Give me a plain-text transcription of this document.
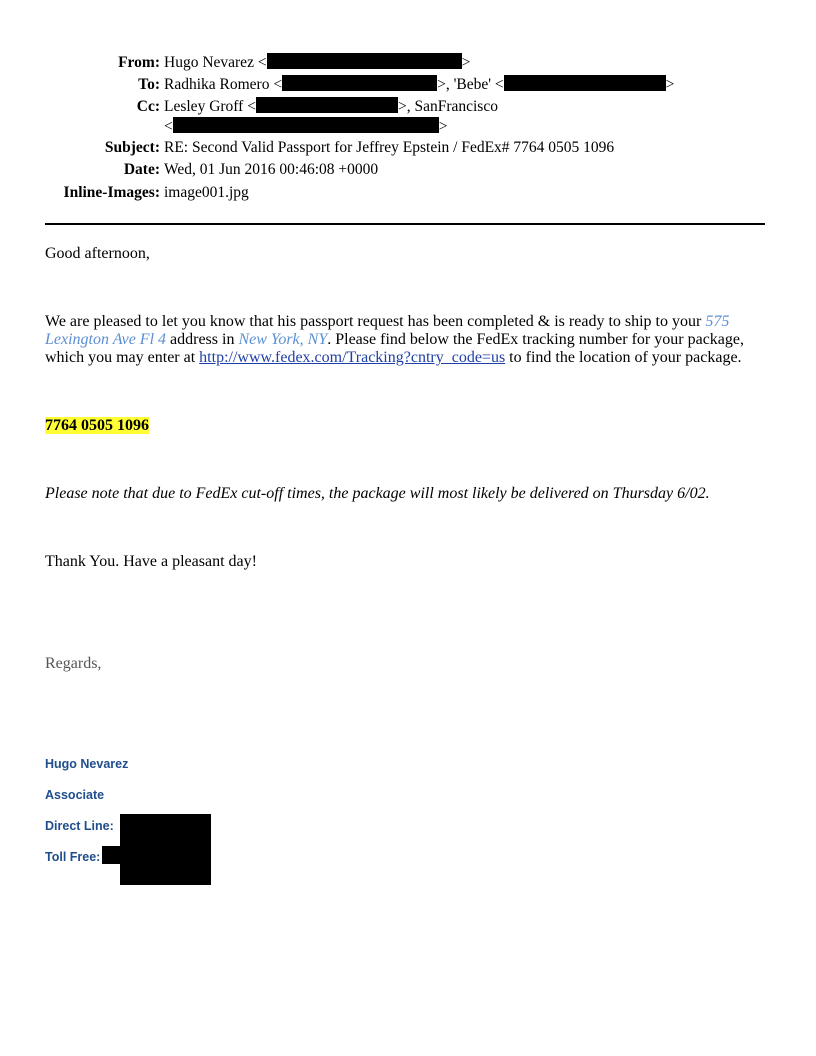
From: Hugo Nevarez <	>
To: Radhika Romero <	>, 'Bebe' <	>
Cc: Lesley Groff <	>, SanFrancisco
<	>
Subject: RE: Second Valid Passport for Jeffrey Epstein / FedEx# 7764 0505 1096
Date: Wed, 01 Jun 2016 00:46:08 +0000
Inline-Images: image001.jpg
Good afternoon,
We are pleased to let you know that his passport request has been completed & is ready to ship to your 575
Lexington Ave Fl 4 address in New York, NY. Please find below the FedEx tracking number for your package,
which you may enter at http://www.fedex.com/Tracking?cntry_code=us to find the location of your package.
7764 0505 1096
Please note that due to FedEx cut-off times, the package will most likely be delivered on Thursday 6/02.
Thank You. Have a pleasant day!
Regards,
Hugo Nevarez
Associate
Direct Line:
Toll Free:
